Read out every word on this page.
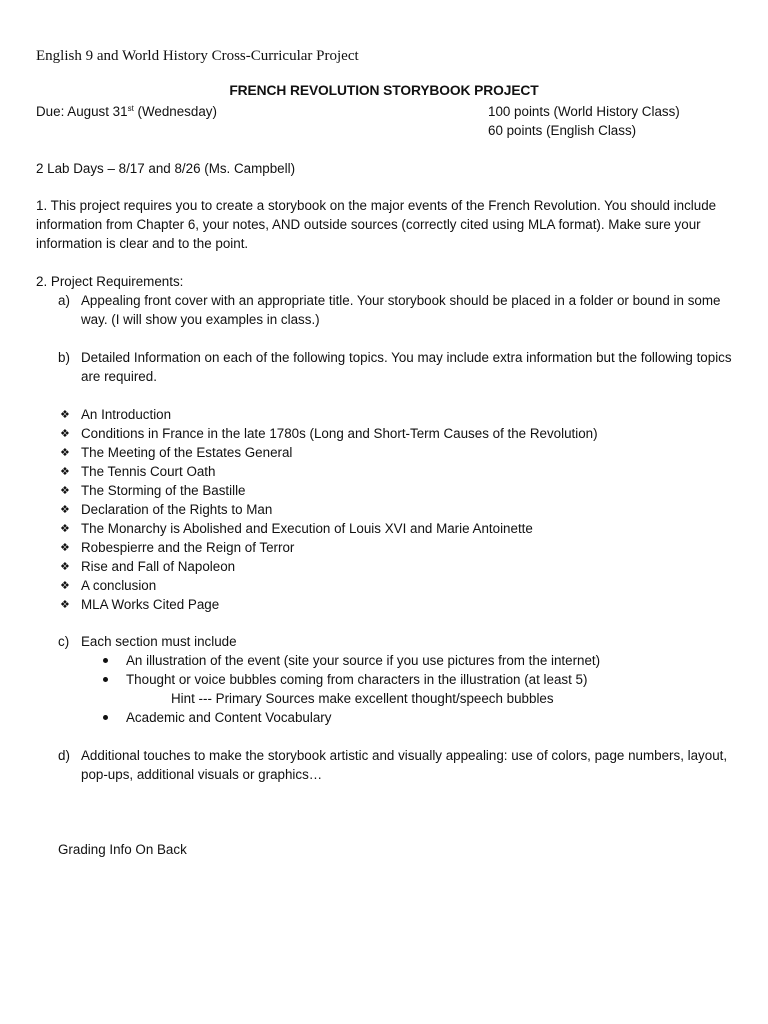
English 9 and World History Cross-Curricular Project
FRENCH REVOLUTION STORYBOOK PROJECT
Due: August 31st (Wednesday)	100 points (World History Class)
60 points (English Class)
2 Lab Days – 8/17 and 8/26 (Ms. Campbell)
1. This project requires you to create a storybook on the major events of the French Revolution. You should include information from Chapter 6, your notes, AND outside sources (correctly cited using MLA format). Make sure your information is clear and to the point.
2. Project Requirements:
a) Appealing front cover with an appropriate title. Your storybook should be placed in a folder or bound in some way. (I will show you examples in class.)
b) Detailed Information on each of the following topics. You may include extra information but the following topics are required.
❖ An Introduction
❖ Conditions in France in the late 1780s (Long and Short-Term Causes of the Revolution)
❖ The Meeting of the Estates General
❖ The Tennis Court Oath
❖ The Storming of the Bastille
❖ Declaration of the Rights to Man
❖ The Monarchy is Abolished and Execution of Louis XVI and Marie Antoinette
❖ Robespierre and the Reign of Terror
❖ Rise and Fall of Napoleon
❖ A conclusion
❖ MLA Works Cited Page
c) Each section must include
An illustration of the event (site your source if you use pictures from the internet)
Thought or voice bubbles coming from characters in the illustration (at least 5)
Hint --- Primary Sources make excellent thought/speech bubbles
Academic and Content Vocabulary
d) Additional touches to make the storybook artistic and visually appealing: use of colors, page numbers, layout, pop-ups, additional visuals or graphics…
Grading Info On Back
